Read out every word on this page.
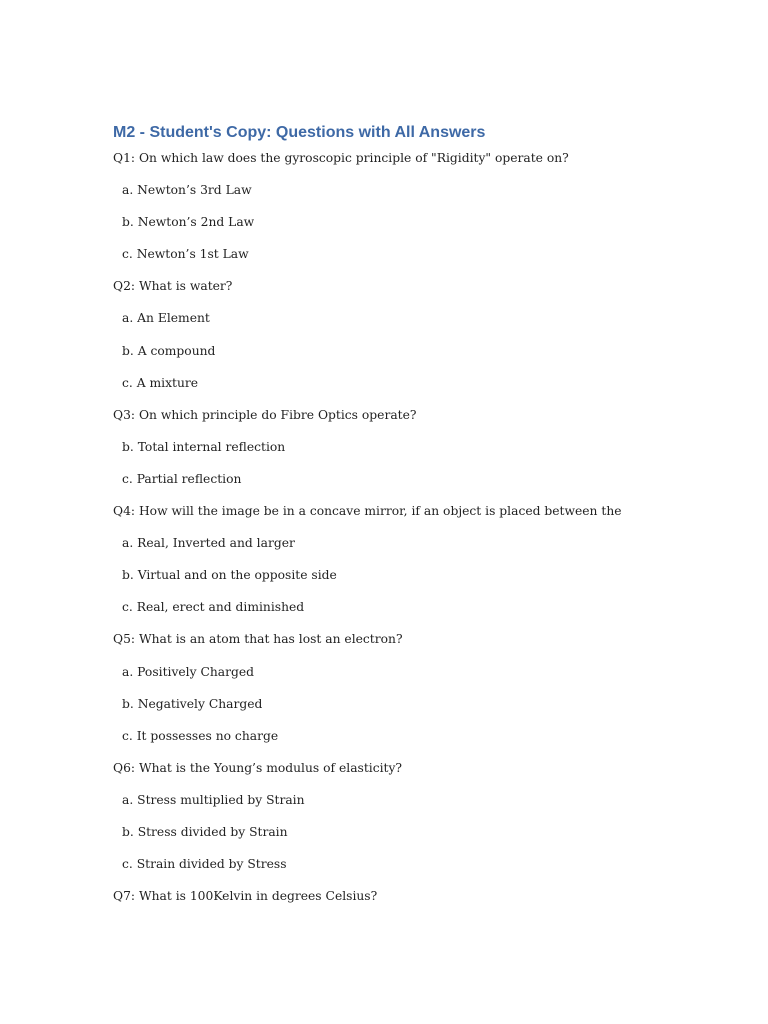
M2 - Student's Copy: Questions with All Answers
Q1: On which law does the gyroscopic principle of "Rigidity" operate on?
a. Newton’s 3rd Law
b. Newton’s 2nd Law
c. Newton’s 1st Law
Q2: What is water?
a. An Element
b. A compound
c. A mixture
Q3: On which principle do Fibre Optics operate?
b. Total internal reflection
c. Partial reflection
Q4: How will the image be in a concave mirror, if an object is placed between the
a. Real, Inverted and larger
b. Virtual and on the opposite side
c. Real, erect and diminished
Q5: What is an atom that has lost an electron?
a. Positively Charged
b. Negatively Charged
c. It possesses no charge
Q6: What is the Young’s modulus of elasticity?
a. Stress multiplied by Strain
b. Stress divided by Strain
c. Strain divided by Stress
Q7: What is 100Kelvin in degrees Celsius?
